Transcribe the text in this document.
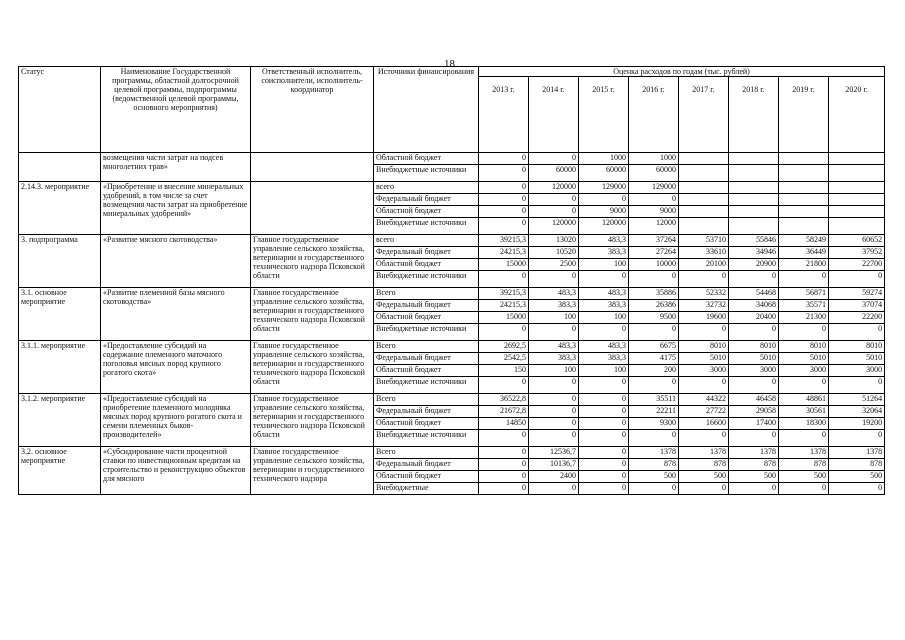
18
Статус	Наименование Государственной программы, областной долгосрочной целевой программы, подпрограммы (ведомственной целевой программы, основного мероприятия)	Ответственный исполнитель, соисполнители, исполнитель-координатор	Источники финансирования	Оценка расходов по годам (тыс. рублей)							
				2013 г.	2014 г.	2015 г.	2016 г.	2017 г.	2018 г.	2019 г.	2020 г.
	возмещения части затрат на подсев многолетних трав»		Областной бюджет	0	0	1000	1000				
			Внебюджетные источники	0	60000	60000	60000				
2.14.3. мероприятие	«Приобретение и внесение минеральных удобрений, в том числе за счет возмещения части затрат на приобретение минеральных удобрений»		всего	0	120000	129000	129000				
			Федеральный бюджет	0	0	0	0				
			Областной бюджет	0	0	9000	9000				
			Внебюджетные источники	0	120000	120000	12000				
3. подпрограмма	«Развитие мясного скотоводства»	Главное государственное управление сельского хозяйства, ветеринарии и государственного технического надзора Псковской области	всего	39215,3	13020	483,3	37264	53710	55846	58249	60652
			Федеральный бюджет	24215,3	10520	383,3	27264	33610	34946	36449	37952
			Областной бюджет	15000	2500	100	10000	20100	20900	21800	22700
			Внебюджетные источники	0	0	0	0	0	0	0	0
3.1. основное мероприятие	«Развитие племенной базы мясного скотоводства»	Главное государственное управление сельского хозяйства, ветеринарии и государственного технического надзора Псковской области	Всего	39215,3	483,3	483,3	35886	52332	54468	56871	59274
			Федеральный бюджет	24215,3	383,3	383,3	26386	32732	34068	35571	37074
			Областной бюджет	15000	100	100	9500	19600	20400	21300	22200
			Внебюджетные источники	0	0	0	0	0	0	0	0
3.1.1. мероприятие	«Предоставление субсидий на содержание племенного маточного поголовья мясных пород крупного рогатого скота»	Главное государственное управление сельского хозяйства, ветеринарии и государственного технического надзора Псковской области	Всего	2692,5	483,3	483,3	6675	8010	8010	8010	8010
			Федеральный бюджет	2542,5	383,3	383,3	4175	5010	5010	5010	5010
			Областной бюджет	150	100	100	200	3000	3000	3000	3000
			Внебюджетные источники	0	0	0	0	0	0	0	0
3.1.2. мероприятие	«Предоставление субсидий на приобретение племенного молодняка мясных пород крупного рогатого скота и семени племенных быков-производителей»	Главное государственное управление сельского хозяйства, ветеринарии и государственного технического надзора Псковской области	Всего	36522,8	0	0	35511	44322	46458	48861	51264
			Федеральный бюджет	21672,8	0	0	22211	27722	29058	30561	32064
			Областной бюджет	14850	0	0	9300	16600	17400	18300	19200
			Внебюджетные источники	0	0	0	0	0	0	0	0
3.2. основное мероприятие	«Субсидирование части процентной ставки по инвестиционным кредитам на строительство и реконструкцию объектов для мясного	Главное государственное управление сельского хозяйства, ветеринарии и государственного технического надзора	Всего	0	12536,7	0	1378	1378	1378	1378	1378
			Федеральный бюджет	0	10136,7	0	878	878	878	878	878
			Областной бюджет	0	2400	0	500	500	500	500	500
			Внебюджетные	0	0	0	0	0	0	0	0
